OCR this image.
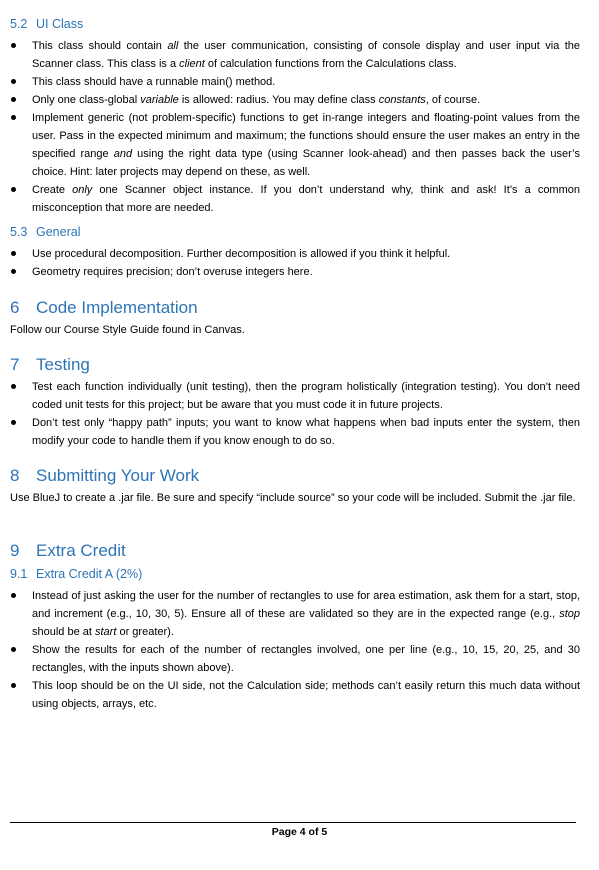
5.2 UI Class
This class should contain all the user communication, consisting of console display and user input via the Scanner class. This class is a client of calculation functions from the Calculations class.
This class should have a runnable main() method.
Only one class-global variable is allowed: radius. You may define class constants, of course.
Implement generic (not problem-specific) functions to get in-range integers and floating-point values from the user. Pass in the expected minimum and maximum; the functions should ensure the user makes an entry in the specified range and using the right data type (using Scanner look-ahead) and then passes back the user’s choice. Hint: later projects may depend on these, as well.
Create only one Scanner object instance. If you don’t understand why, think and ask! It’s a common misconception that more are needed.
5.3 General
Use procedural decomposition. Further decomposition is allowed if you think it helpful.
Geometry requires precision; don’t overuse integers here.
6 Code Implementation
Follow our Course Style Guide found in Canvas.
7 Testing
Test each function individually (unit testing), then the program holistically (integration testing). You don’t need coded unit tests for this project; but be aware that you must code it in future projects.
Don’t test only “happy path” inputs; you want to know what happens when bad inputs enter the system, then modify your code to handle them if you know enough to do so.
8 Submitting Your Work
Use BlueJ to create a .jar file. Be sure and specify “include source” so your code will be included. Submit the .jar file.
9 Extra Credit
9.1 Extra Credit A (2%)
Instead of just asking the user for the number of rectangles to use for area estimation, ask them for a start, stop, and increment (e.g., 10, 30, 5). Ensure all of these are validated so they are in the expected range (e.g., stop should be at start or greater).
Show the results for each of the number of rectangles involved, one per line (e.g., 10, 15, 20, 25, and 30 rectangles, with the inputs shown above).
This loop should be on the UI side, not the Calculation side; methods can’t easily return this much data without using objects, arrays, etc.
Page 4 of 5
